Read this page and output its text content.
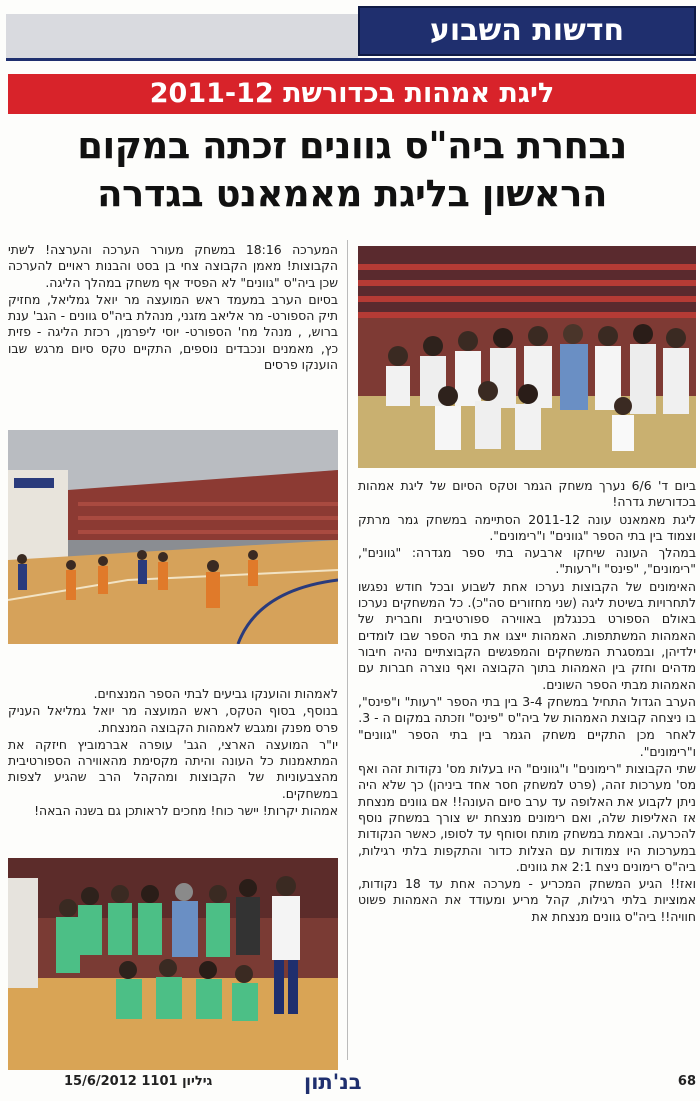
חדשות השבוע
ליגת אמהות בכדורשת 2011-12
נבחרת ביה"ס גוונים זכתה במקום
הראשון בליגת מאמאנט בגדרה

ביום ד' 6/6 נערך משחק הגמר וטקס הסיום של ליגת אמהות בכדורשת גדרה!

ליגת מאמאנט עונה 2011-12 הסתיימה במשחק גמר מרתק וצמוד בין בתי הספר "גוונים" ו"רימונים".

במהלך העונה שיחקו ארבעה בתי ספר מגדרה: "גוונים", "רימונים", "פינס" ו"רעות".

האימונים של הקבוצות נערכו אחת לשבוע ובכל חודש נפגשו לתחרויות בשיטת ליגה (שני מחזורים סה"כ). כל המשחקים נערכו באולם הספורט בכנגלמן באווירה ספורטיבית וחברית של האמהות המשתתפות. האמהות ייצגו את בתי הספר שבו לומדים ילדיהן, ובמסגרת המשחקים והמפגשים הקבוצתיים נהיה חיבור מדהים וחזק בין האמהות בתוך הקבוצה ואף נוצרה חברות עם האמהות מבתי הספר השונים.

הערב הגדול התחיל במשחק 3-4 בין בתי הספר "רעות" ו"פינס", בו ניצחה קבוצת האמהות של ביה"ס "פינס" וזכתה במקום ה - 3.

לאחר מכן התקיים משחק הגמר בין בתי הספר "גוונים" ו"רימונים".

שתי הקבוצות "רימונים" ו"גוונים" היו בעלות מס' נקודות זהה ואף מס' מערכות זהה, (פרט למשחק חסר אחד ביניהן) כך שלא היה ניתן לקבוע את האלופה עד ערב סיום העונה!! אם גוונים מנצחת אז האליפות שלה, ואם רימונים מנצחת יש צורך במשחק נוסף להכרעה. ובאמת במשחק מותח וסוחף עד לסופו, כאשר הנקודות במערכות היו צמודות עם הצלות כדור והתקפות בלתי רגילות, ביה"ס רימונים ניצח 2:1 את גוונים.

ואז!! הגיע המשחק המכריע - מערכה אחת עד 18 נקודות, אמוציות בלתי רגילות, קהל מריע ומעודד את האמהות פשוט חוויה!! ביה"ס גוונים מנצחת את

המערכה 18:16 במשחק מעורר הערכה והערצה! לשתי הקבוצות! מאמן הקבוצה צחי בן בסט והבנות ראויים להערכה שכן ביה"ס "גוונים" לא הפסיד אף משחק במהלך הליגה.

בסיום הערב במעמד ראש המועצה מר יואל גמליאל, מחזיק תיק הספורט- מר אליאב מזגני, מנהלת ביה"ס גוונים - הגב' ענת ברוש, , מנהל מח' הספורט- יוסי ליפרמן, רכזת הליגה - פזית כץ, מאמנים ונכבדים נוספים, התקיים טקס סיום מרגש שבו הוענקו פרסים

לאמהות והוענקו גביעים לבתי הספר המנצחים.

בנוסף, בסוף הטקס, ראש המועצה מר יואל גמליאל העניק פרס מפנק ומגבש לאמהות הקבוצה המנצחת.

יו"ר המועצה הארצי, הגב' עופרה אברמוביץ חיזקה את המתאמנות כל העונה והיתה מקסימת מהאווירה הספורטיבית מהצבעוניות של הקבוצות ומהקהל הרב שהגיע לצפות במשחקים.

אמהות יקרות! יישר כוח! מחכים לראותכן גם בשנה הבאה!

גיליון 1101 15/6/2012	בנ'תון	68
